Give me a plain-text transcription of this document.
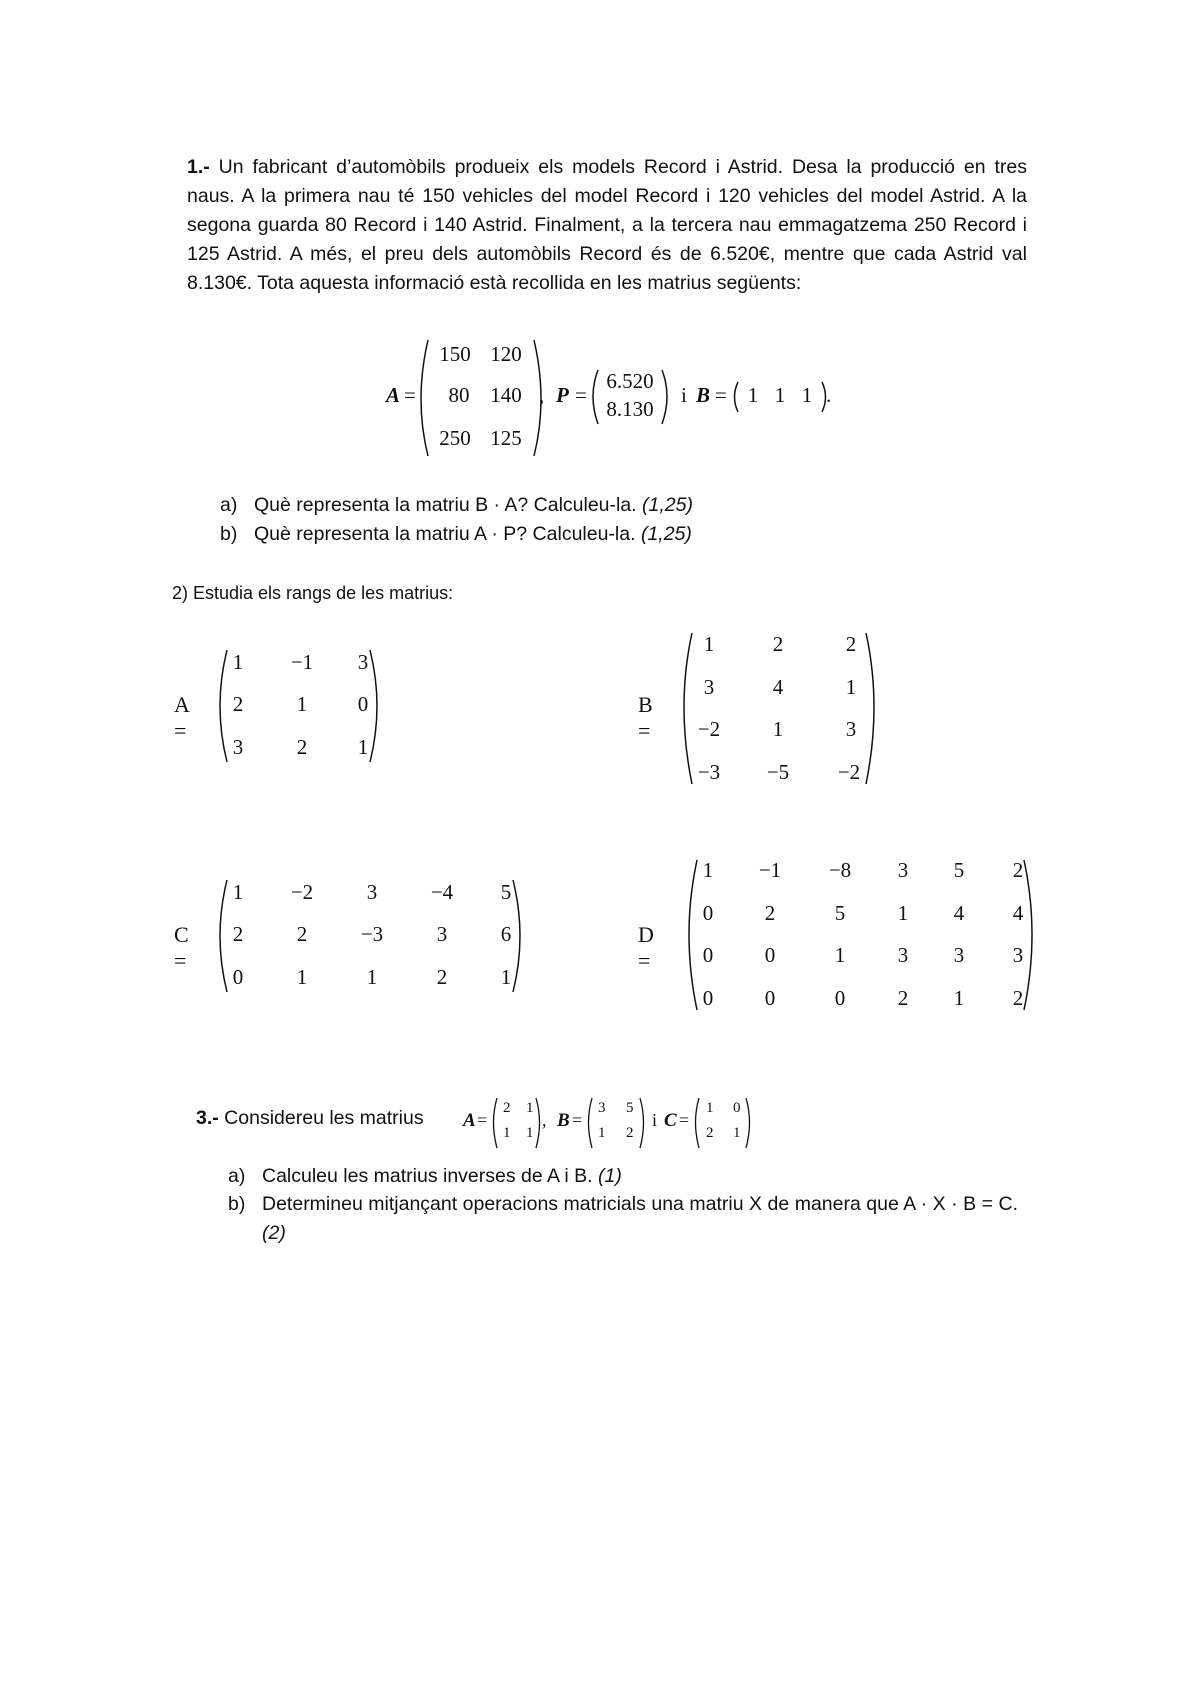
1.- Un fabricant d’automòbils produeix els models Record i Astrid. Desa la producció en tres naus. A la primera nau té 150 vehicles del model Record i 120 vehicles del model Astrid. A la segona guarda 80 Record i 140 Astrid. Finalment, a la tercera nau emmagatzema 250 Record i 125 Astrid. A més, el preu dels automòbils Record és de 6.520€, mentre que cada Astrid val 8.130€. Tota aquesta informació està recollida en les matrius següents:
A =
150 120
80 140
250 125
, P =
6.520
8.130
i B = 1 1 1 .
a) Què representa la matriu B · A? Calculeu-la. (1,25)
b) Què representa la matriu A · P? Calculeu-la. (1,25)
2) Estudia els rangs de les matrius:
A =
1	−1	3
2	1	0
3	2	1
B =
1	2	2
3	4	1
−2	1	3
−3	−5	−2
C =
1	−2	3	−4	5
2	2	−3	3	6
0	1	1	2	1
D =
1	−1	−8	3	5	2
0	2	5	1	4	4
0	0	1	3	3	3
0	0	0	2	1	2
3.- Considereu les matrius A =
2 1
1 1
, B =
3 5
1 2
i C =
1 0
2 1
a) Calculeu les matrius inverses de A i B. (1)
b) Determineu mitjançant operacions matricials una matriu X de manera que A · X · B = C. (2)
